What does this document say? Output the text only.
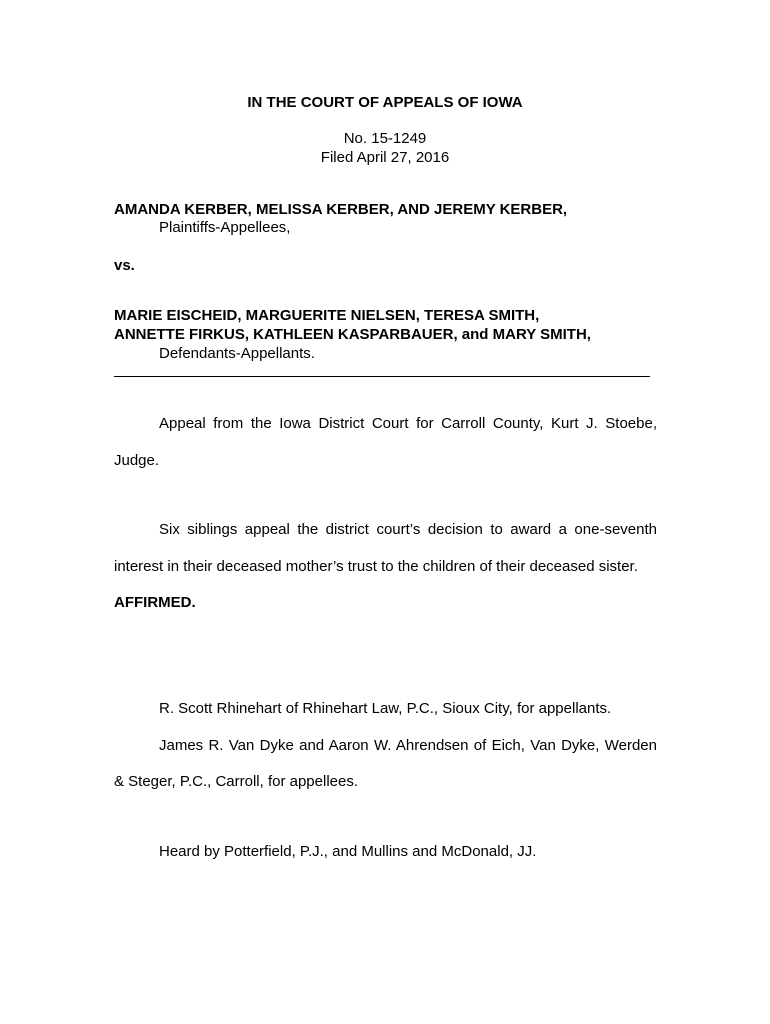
IN THE COURT OF APPEALS OF IOWA

No. 15-1249

Filed April 27, 2016

AMANDA KERBER, MELISSA KERBER, AND JEREMY KERBER,

Plaintiffs-Appellees,

vs.

MARIE EISCHEID, MARGUERITE NIELSEN, TERESA SMITH,

ANNETTE FIRKUS, KATHLEEN KASPARBAUER, and MARY SMITH,

Defendants-Appellants.

Appeal from the Iowa District Court for Carroll County, Kurt J. Stoebe,

Judge.

Six siblings appeal the district court’s decision to award a one-seventh

interest in their deceased mother’s trust to the children of their deceased sister.

AFFIRMED.

R. Scott Rhinehart of Rhinehart Law, P.C., Sioux City, for appellants.

James R. Van Dyke and Aaron W. Ahrendsen of Eich, Van Dyke, Werden

& Steger, P.C., Carroll, for appellees.

Heard by Potterfield, P.J., and Mullins and McDonald, JJ.
